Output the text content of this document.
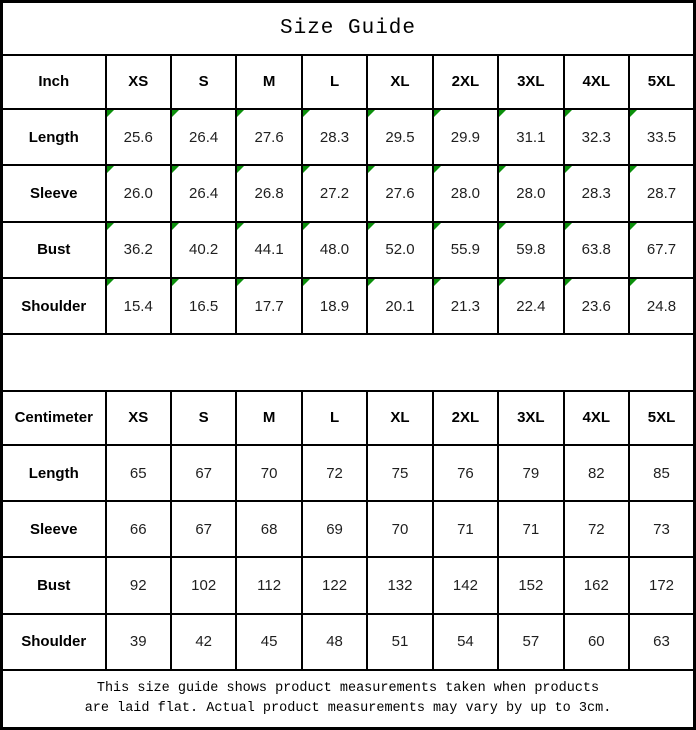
Size Guide									
Inch	XS	S	M	L	XL	2XL	3XL	4XL	5XL
Length	25.6	26.4	27.6	28.3	29.5	29.9	31.1	32.3	33.5
Sleeve	26.0	26.4	26.8	27.2	27.6	28.0	28.0	28.3	28.7
Bust	36.2	40.2	44.1	48.0	52.0	55.9	59.8	63.8	67.7
Shoulder	15.4	16.5	17.7	18.9	20.1	21.3	22.4	23.6	24.8

Centimeter	XS	S	M	L	XL	2XL	3XL	4XL	5XL
Length	65	67	70	72	75	76	79	82	85
Sleeve	66	67	68	69	70	71	71	72	73
Bust	92	102	112	122	132	142	152	162	172
Shoulder	39	42	45	48	51	54	57	60	63

This size guide shows product measurements taken when products
are laid flat. Actual product measurements may vary by up to 3cm.									
